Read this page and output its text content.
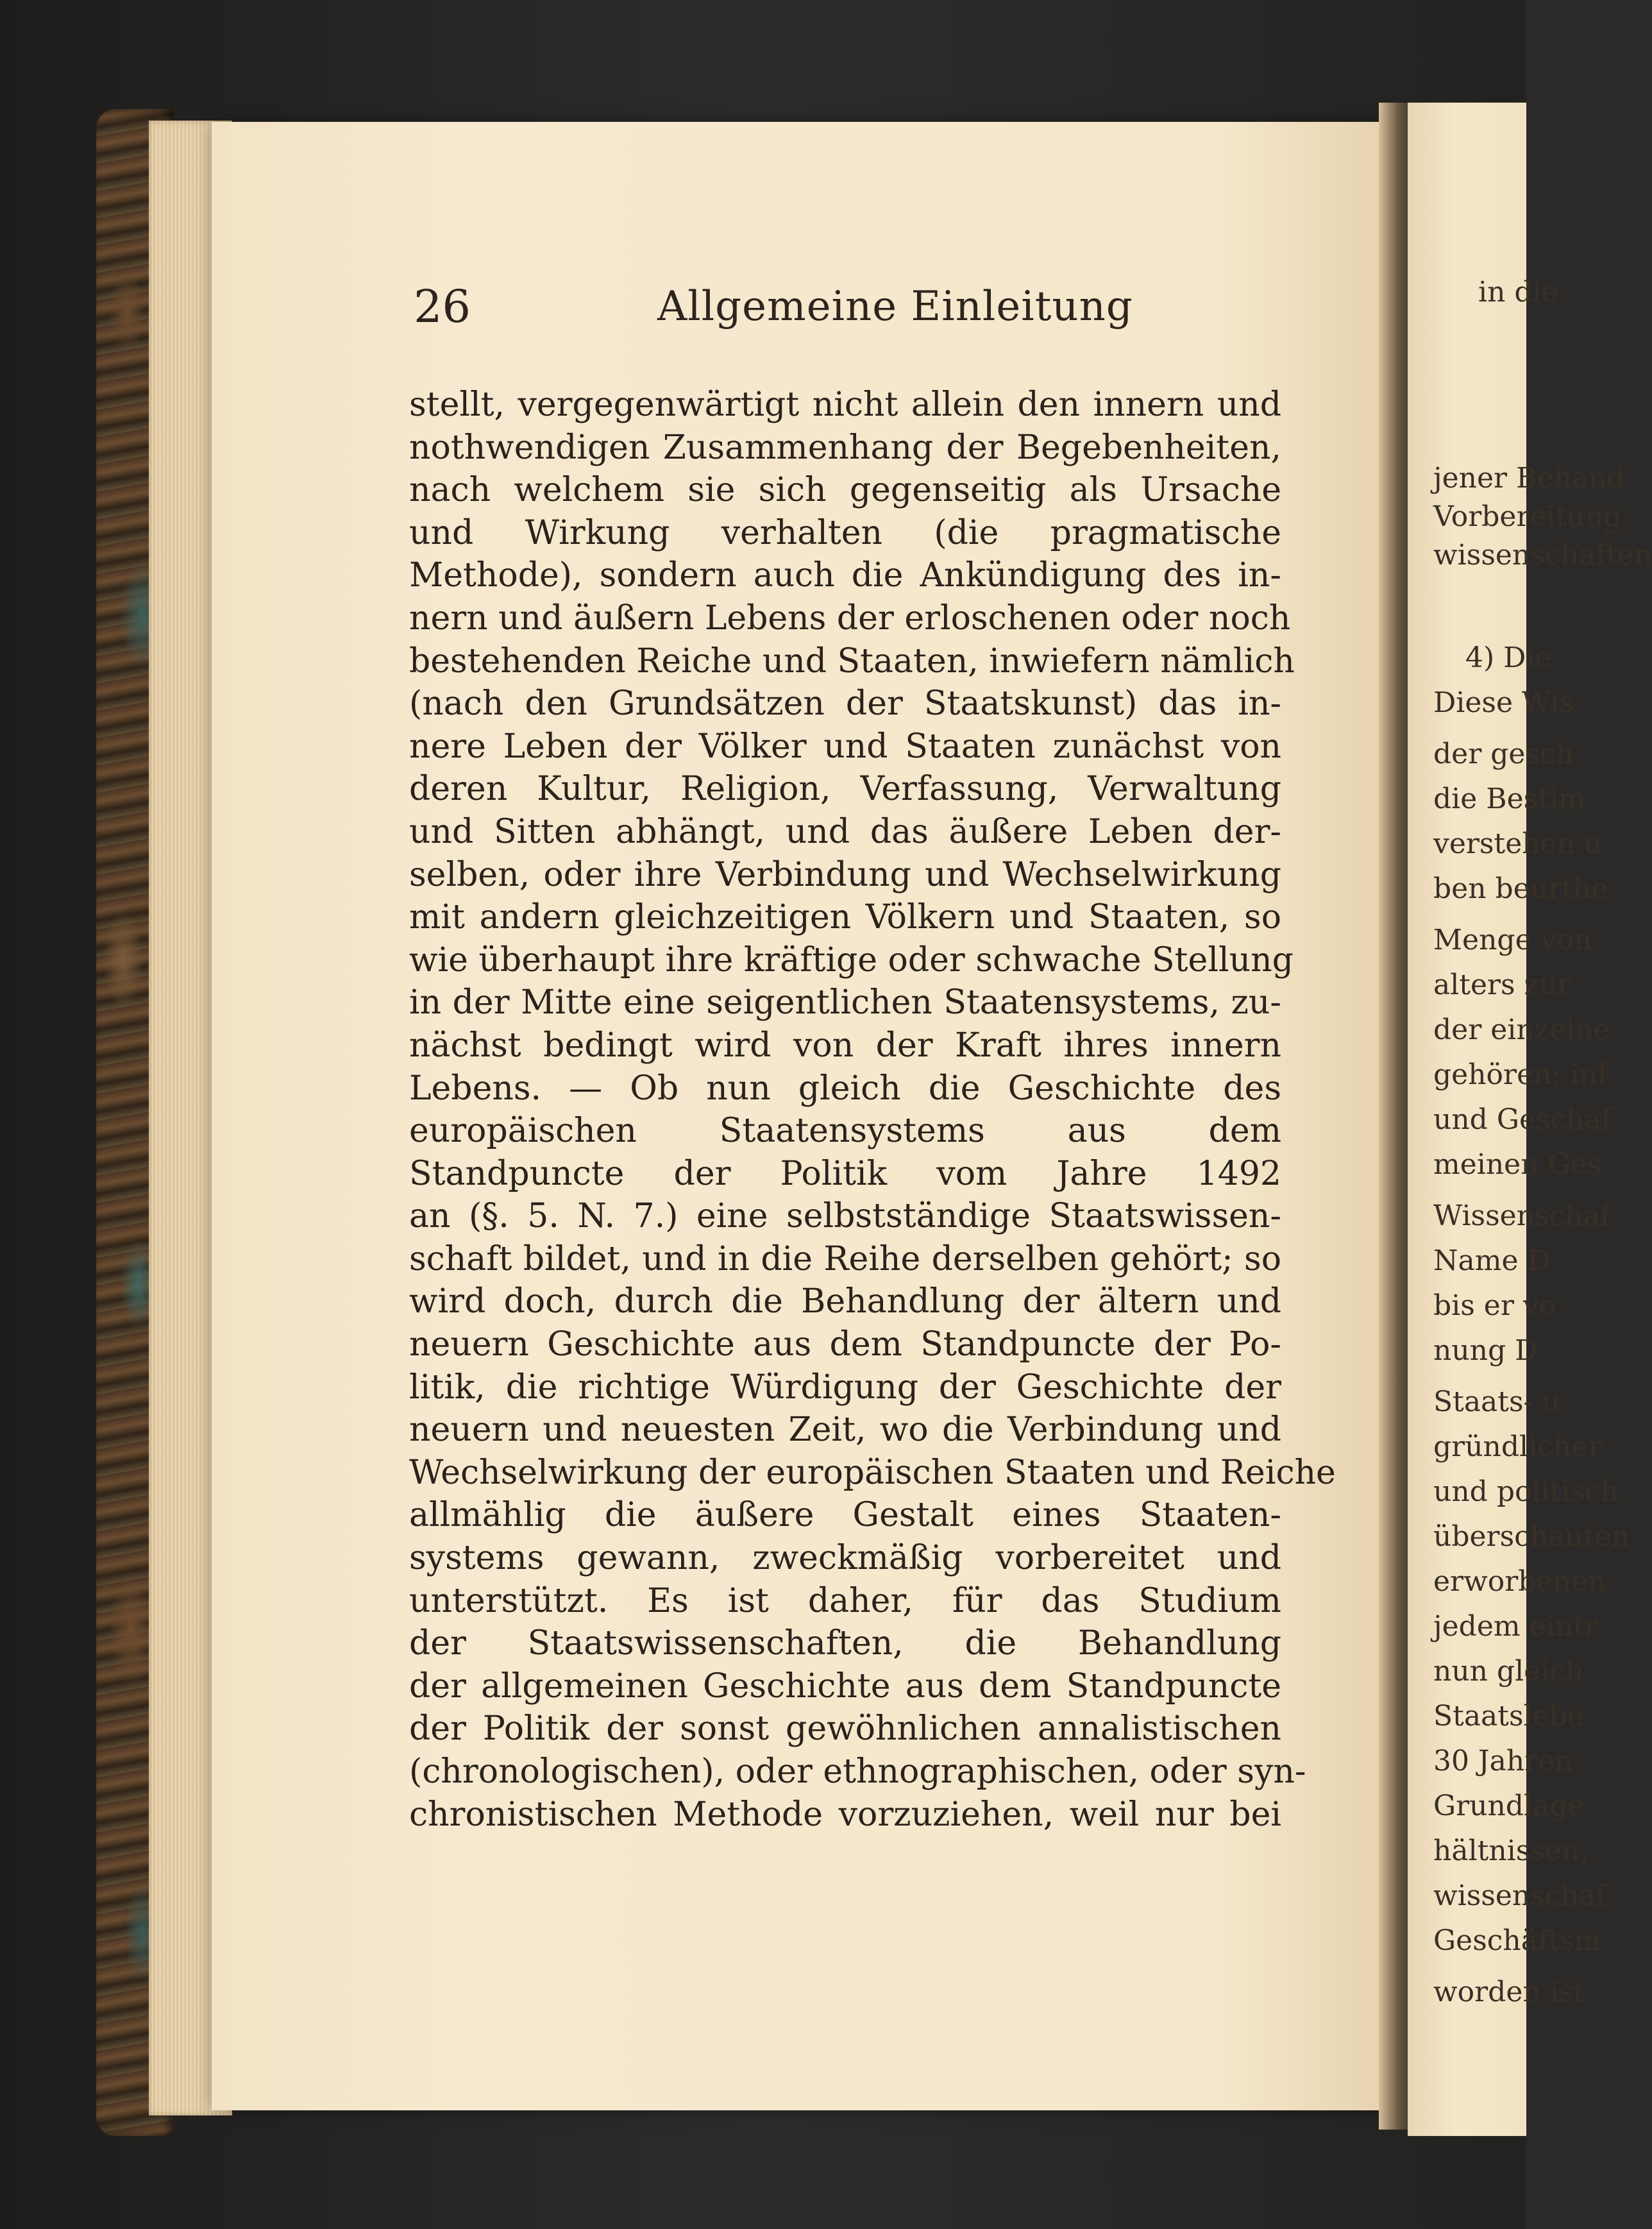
in die
jener Behand
Vorbereitung
wissenschaften
4) Die
Diese Wis
der gesch
die Bestim
verstehen u
ben beurthe
Menge von
alters zur
der einzelne
gehören; inf
und Geschäf
meinen Ges
Wissenschaf
Name D
bis er vo
nung D
Staats- u
gründlicher
und politisch
überschauten
erworbenen
jedem eintr
nun gleich
Staatslebe
30 Jahren
Grundlage
hältnissen,
wissenschaf
Geschäftsm
worden ist
26	Allgemeine Einleitung
stellt, vergegenwärtigt nicht allein den innern und
nothwendigen Zusammenhang der Begebenheiten,
nach welchem sie sich gegenseitig als Ursache
und Wirkung verhalten (die pragmatische
Methode), sondern auch die Ankündigung des in-
nern und äußern Lebens der erloschenen oder noch
bestehenden Reiche und Staaten, inwiefern nämlich
(nach den Grundsätzen der Staatskunst) das in-
nere Leben der Völker und Staaten zunächst von
deren Kultur, Religion, Verfassung, Verwaltung
und Sitten abhängt, und das äußere Leben der-
selben, oder ihre Verbindung und Wechselwirkung
mit andern gleichzeitigen Völkern und Staaten, so
wie überhaupt ihre kräftige oder schwache Stellung
in der Mitte eine seigentlichen Staatensystems, zu-
nächst bedingt wird von der Kraft ihres innern
Lebens. — Ob nun gleich die Geschichte des
europäischen Staatensystems aus dem
Standpuncte der Politik vom Jahre 1492
an (§. 5. N. 7.) eine selbstständige Staatswissen-
schaft bildet, und in die Reihe derselben gehört; so
wird doch, durch die Behandlung der ältern und
neuern Geschichte aus dem Standpuncte der Po-
litik, die richtige Würdigung der Geschichte der
neuern und neuesten Zeit, wo die Verbindung und
Wechselwirkung der europäischen Staaten und Reiche
allmählig die äußere Gestalt eines Staaten-
systems gewann, zweckmäßig vorbereitet und
unterstützt. Es ist daher, für das Studium
der Staatswissenschaften, die Behandlung
der allgemeinen Geschichte aus dem Standpuncte
der Politik der sonst gewöhnlichen annalistischen
(chronologischen), oder ethnographischen, oder syn-
chronistischen Methode vorzuziehen, weil nur bei
